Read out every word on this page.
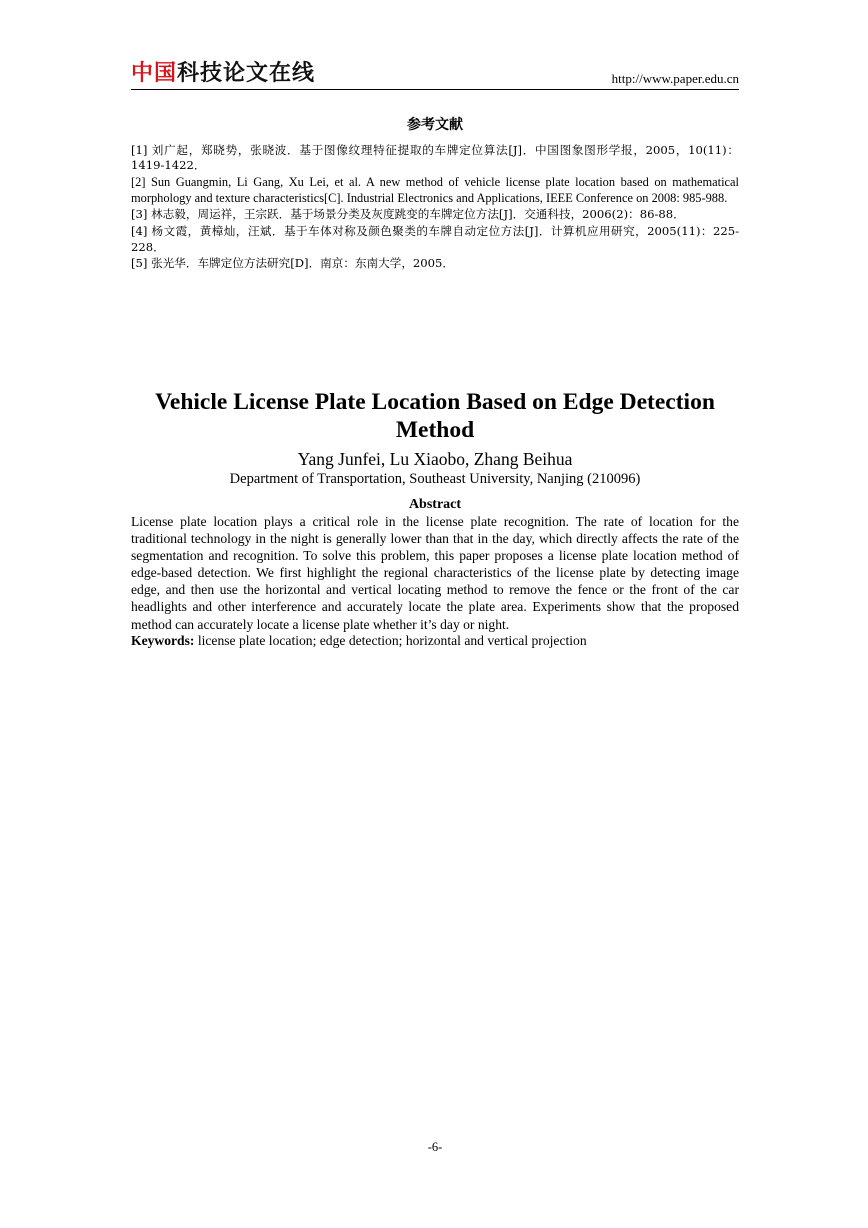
中国科技论文在线	http://www.paper.edu.cn
参考文献
[1] 刘广起，郑晓势，张晓波．基于图像纹理特征提取的车牌定位算法[J]．中国图象图形学报，2005，10(11)：1419-1422．
[2] Sun Guangmin, Li Gang, Xu Lei, et al. A new method of vehicle license plate location based on mathematical morphology and texture characteristics[C]. Industrial Electronics and Applications, IEEE Conference on 2008: 985-988.
[3] 林志毅，周运祥，王宗跃．基于场景分类及灰度跳变的车牌定位方法[J]．交通科技，2006(2)：86-88．
[4] 杨文霞，黄樟灿，汪斌．基于车体对称及颜色聚类的车牌自动定位方法[J]．计算机应用研究，2005(11)：225-228．
[5] 张光华．车牌定位方法研究[D]．南京：东南大学，2005．
Vehicle License Plate Location Based on Edge Detection Method
Yang Junfei, Lu Xiaobo, Zhang Beihua
Department of Transportation, Southeast University, Nanjing (210096)
Abstract
License plate location plays a critical role in the license plate recognition. The rate of location for the traditional technology in the night is generally lower than that in the day, which directly affects the rate of the segmentation and recognition. To solve this problem, this paper proposes a license plate location method of edge-based detection. We first highlight the regional characteristics of the license plate by detecting image edge, and then use the horizontal and vertical locating method to remove the fence or the front of the car headlights and other interference and accurately locate the plate area. Experiments show that the proposed method can accurately locate a license plate whether it’s day or night.
Keywords: license plate location; edge detection; horizontal and vertical projection
-6-
